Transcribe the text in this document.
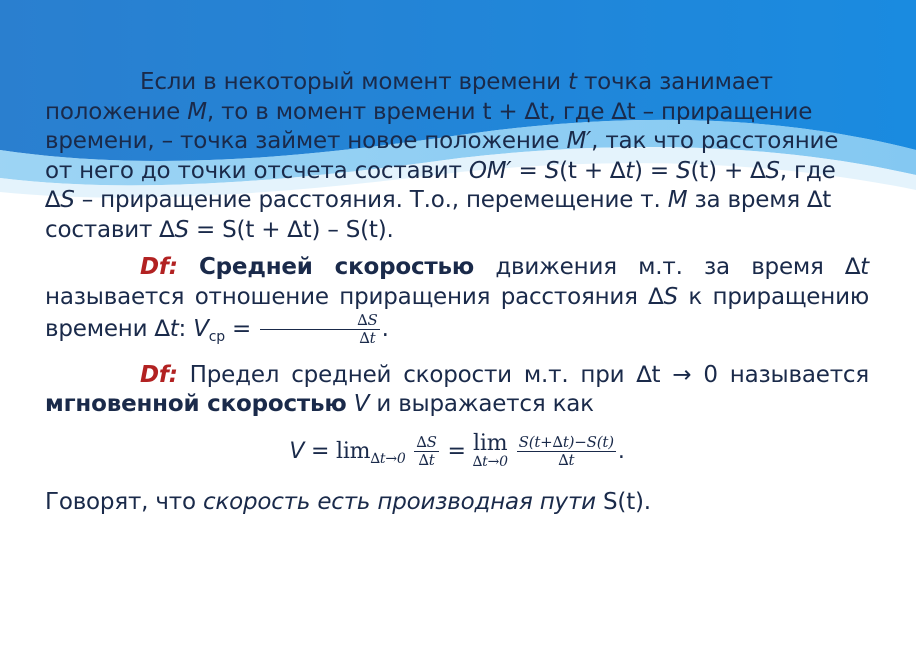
Если в некоторый момент времени t точка занимает положение M, то в момент времени t + ∆t, где ∆t – приращение времени, – точка займет новое положение M′, так что расстояние от него до точки отсчета составит OM′ = S(t + ∆t) = S(t) + ∆S, где ∆S – приращение расстояния. Т.о., перемещение т. M за время ∆t составит ∆S = S(t + ∆t) – S(t).

Df: Средней скоростью движения м.т. за время ∆t называется отношение приращения расстояния ∆S к приращению времени ∆t: $V_{ср} = \frac{\Delta S}{\Delta t}$ .

Df: Предел средней скорости м.т. при ∆t → 0 называется мгновенной скоростью V и выражается как

$V = \lim_{\Delta t\to 0} \frac{\Delta S}{\Delta t} = \lim$
∆t→0
$\frac{S(t+\Delta t)-S(t)}{\Delta t}$ .

Говорят, что скорость есть производная пути S(t).
